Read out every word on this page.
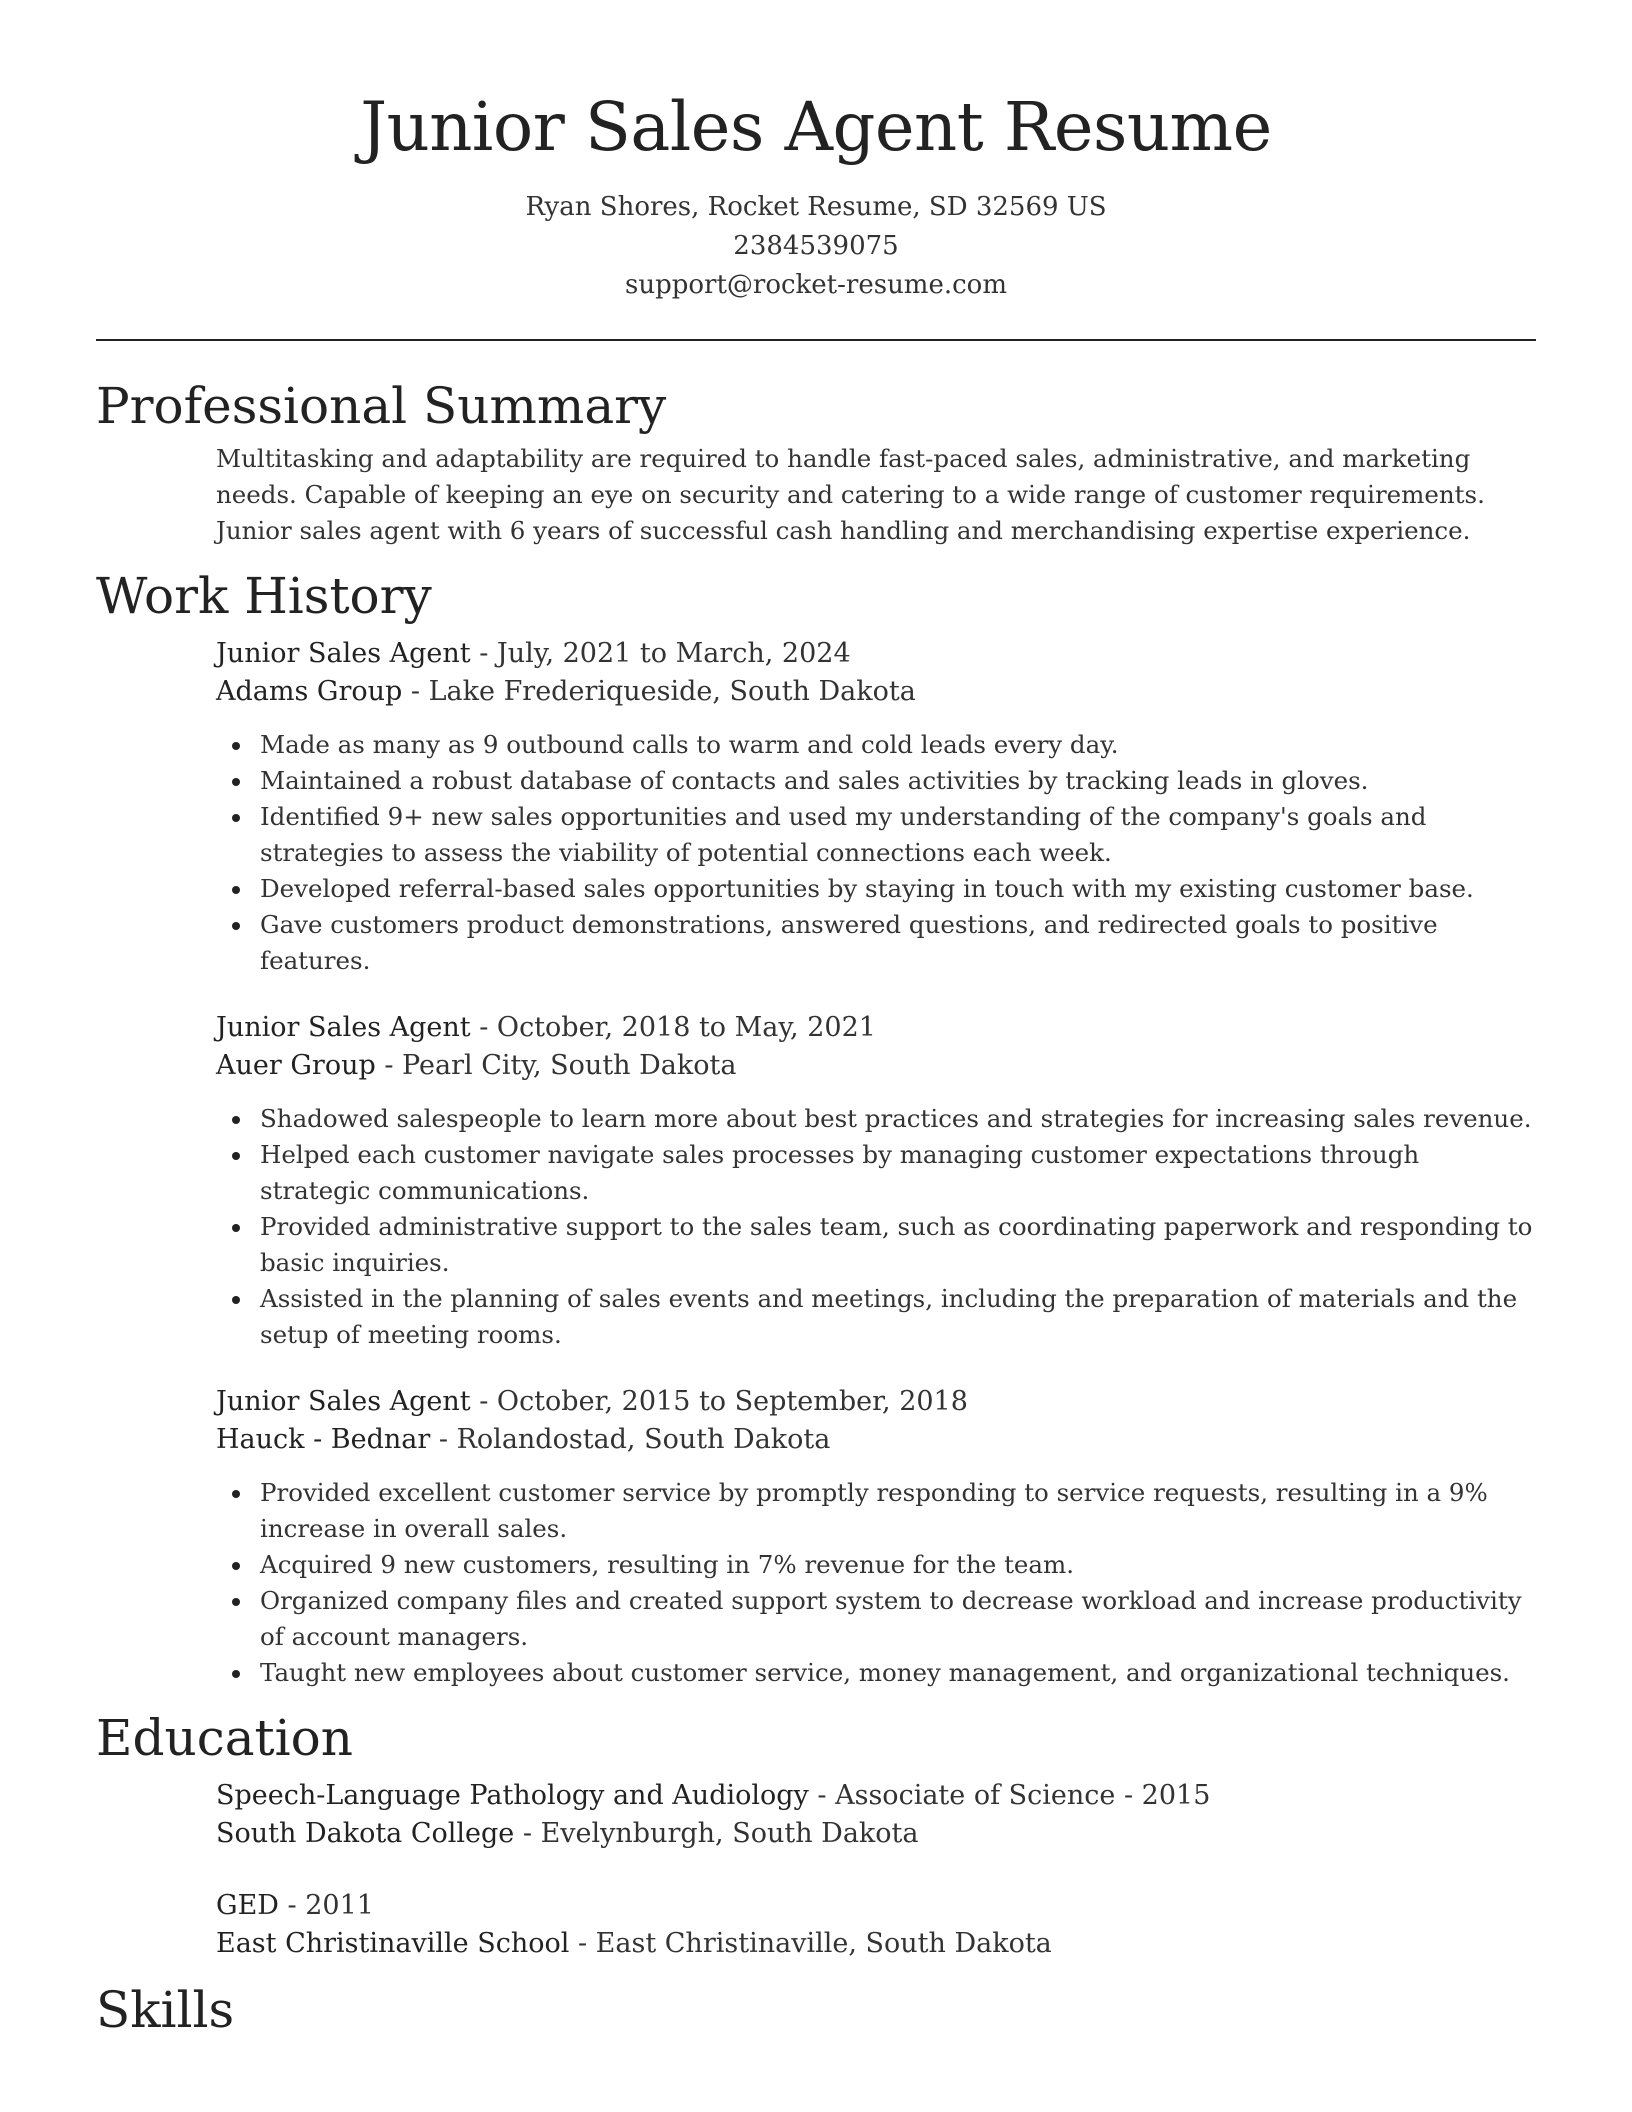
Junior Sales Agent Resume
Ryan Shores, Rocket Resume, SD 32569 US
2384539075
support@rocket-resume.com
Professional Summary

Multitasking and adaptability are required to handle fast-paced sales, administrative, and marketing needs. Capable of keeping an eye on security and catering to a wide range of customer requirements. Junior sales agent with 6 years of successful cash handling and merchandising expertise experience.

Work History
Junior Sales Agent - July, 2021 to March, 2024
Adams Group - Lake Frederiqueside, South Dakota
Made as many as 9 outbound calls to warm and cold leads every day.
Maintained a robust database of contacts and sales activities by tracking leads in gloves.
Identified 9+ new sales opportunities and used my understanding of the company's goals and strategies to assess the viability of potential connections each week.
Developed referral-based sales opportunities by staying in touch with my existing customer base.
Gave customers product demonstrations, answered questions, and redirected goals to positive features.
Junior Sales Agent - October, 2018 to May, 2021
Auer Group - Pearl City, South Dakota
Shadowed salespeople to learn more about best practices and strategies for increasing sales revenue.
Helped each customer navigate sales processes by managing customer expectations through strategic communications.
Provided administrative support to the sales team, such as coordinating paperwork and responding to basic inquiries.
Assisted in the planning of sales events and meetings, including the preparation of materials and the setup of meeting rooms.
Junior Sales Agent - October, 2015 to September, 2018
Hauck - Bednar - Rolandostad, South Dakota
Provided excellent customer service by promptly responding to service requests, resulting in a 9% increase in overall sales.
Acquired 9 new customers, resulting in 7% revenue for the team.
Organized company files and created support system to decrease workload and increase productivity of account managers.
Taught new employees about customer service, money management, and organizational techniques.
Education
Speech-Language Pathology and Audiology - Associate of Science - 2015
South Dakota College - Evelynburgh, South Dakota
GED - 2011
East Christinaville School - East Christinaville, South Dakota
Skills
